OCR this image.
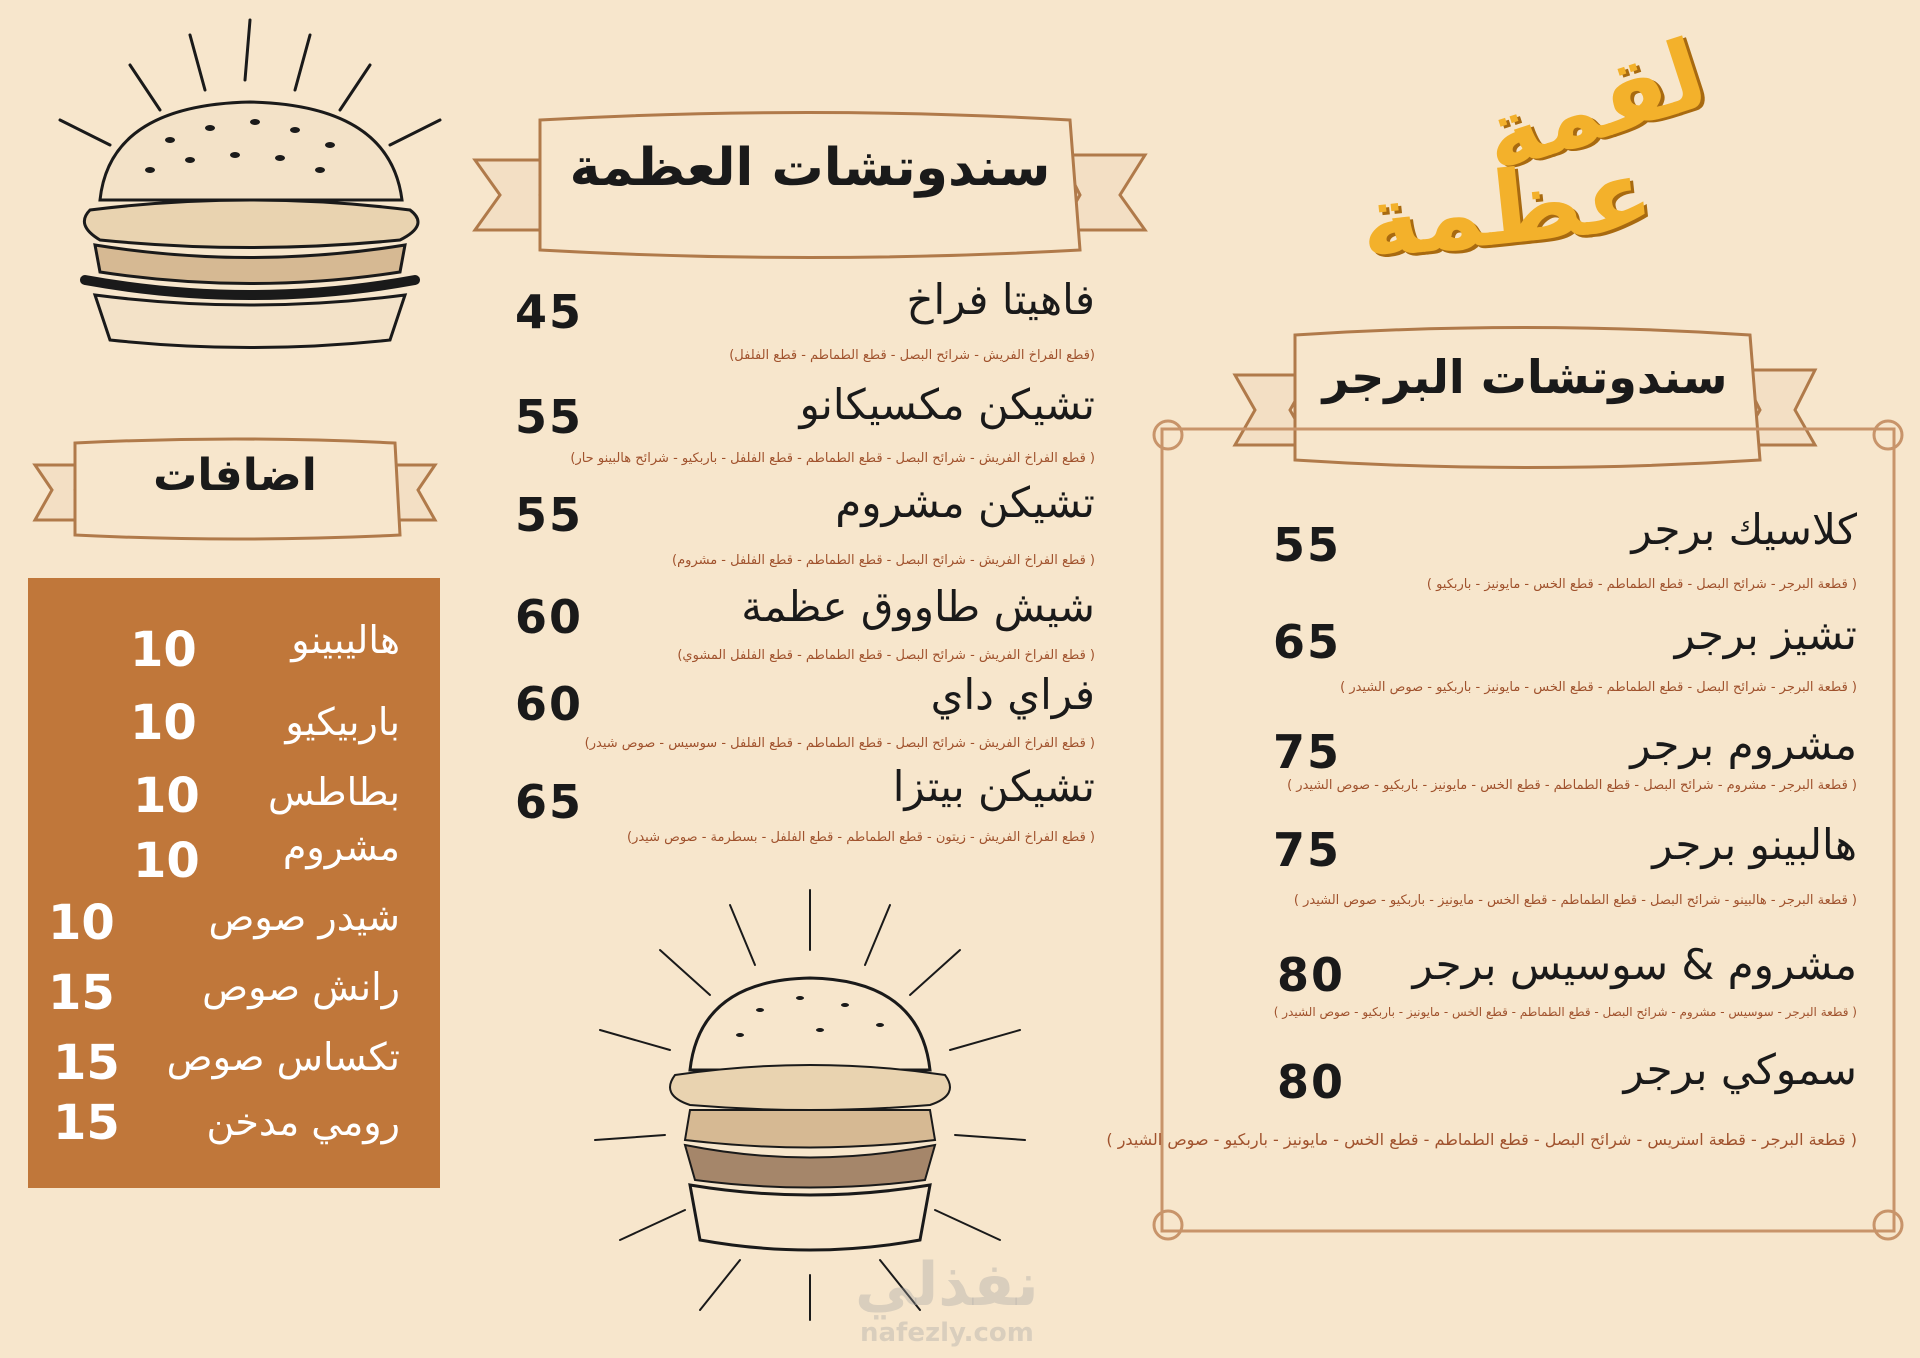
لقمة
عظمة
سندوتشات العظمة
سندوتشات البرجر
اضافات
فاهيتا فراخ
(قطع الفراخ الفريش - شرائح البصل - قطع الطماطم - قطع الفلفل)
45
تشيكن مكسيكانو
( قطع الفراخ الفريش - شرائح البصل - قطع الطماطم - قطع الفلفل - باربكيو - شرائح هالبينو حار)
55
تشيكن مشروم
( قطع الفراخ الفريش - شرائح البصل - قطع الطماطم - قطع الفلفل - مشروم)
55
شيش طاووق عظمة
( قطع الفراخ الفريش - شرائح البصل - قطع الطماطم - قطع الفلفل المشوي)
60
فراي داي
( قطع الفراخ الفريش - شرائح البصل - قطع الطماطم - قطع الفلفل - سوسيس - صوص شيدر)
60
تشيكن بيتزا
( قطع الفراخ الفريش - زيتون - قطع الطماطم - قطع الفلفل - بسطرمة - صوص شيدر)
65
كلاسيك برجر
( قطعة البرجر - شرائح البصل - قطع الطماطم - قطع الخس - مايونيز - باربكيو )
55
تشيز برجر
( قطعة البرجر - شرائح البصل - قطع الطماطم - قطع الخس - مايونيز - باربكيو - صوص الشيدر )
65
مشروم برجر
( قطعة البرجر - مشروم - شرائح البصل - قطع الطماطم - قطع الخس - مايونيز - باربكيو - صوص الشيدر )
75
هالبينو برجر
( قطعة البرجر - هالبينو - شرائح البصل - قطع الطماطم - قطع الخس - مايونيز - باربكيو - صوص الشيدر )
75
مشروم & سوسيس برجر
( قطعة البرجر - سوسيس - مشروم - شرائح البصل - قطع الطماطم - قطع الخس - مايونيز - باربكيو - صوص الشيدر )
80
سموكي برجر
( قطعة البرجر - قطعة استريس - شرائح البصل - قطع الطماطم - قطع الخس - مايونيز - باربكيو - صوص الشيدر )
80
هاليبينو
10
باربيكيو
10
بطاطس
10
مشروم
10
شيدر صوص
10
رانش صوص
15
تكساس صوص
15
رومي مدخن
15
نفذلي
nafezly.com
